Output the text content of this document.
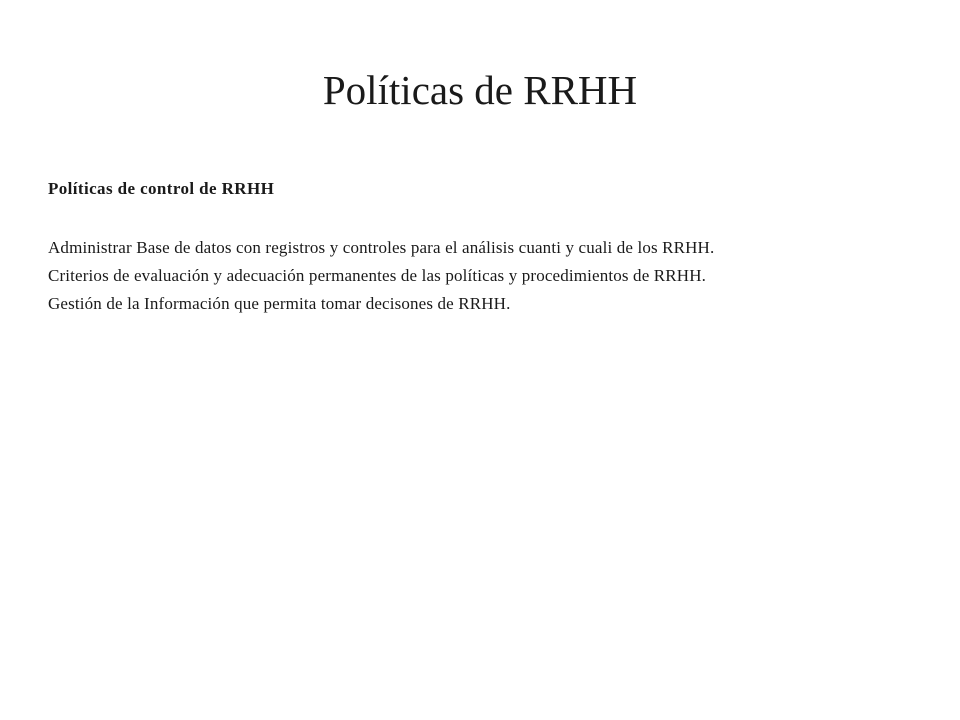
Políticas de RRHH

Políticas de control de RRHH

Administrar Base de datos con registros y controles para el análisis cuanti y cuali de los RRHH.
Criterios de evaluación y adecuación permanentes de las políticas y procedimientos de RRHH.
Gestión de la Información que permita tomar decisones de RRHH.
